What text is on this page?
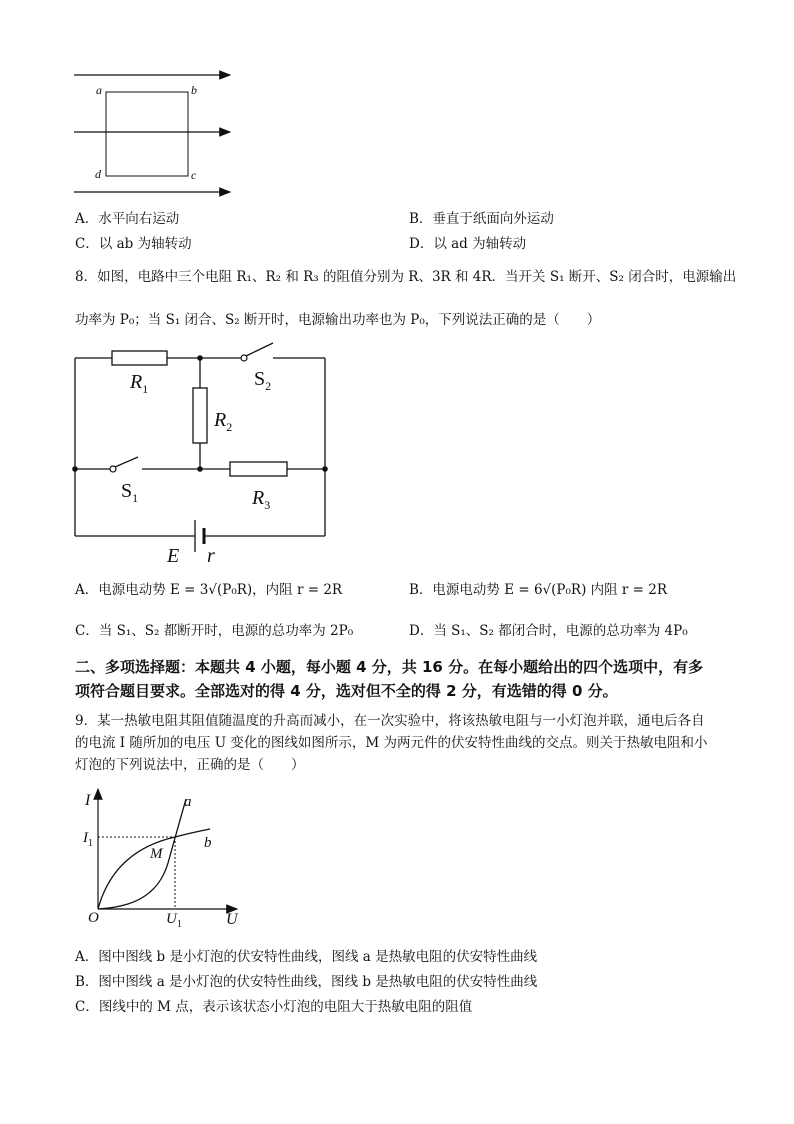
a	b
d	c
A．水平向右运动	B．垂直于纸面向外运动
C．以 ab 为轴转动	D．以 ad 为轴转动
8．如图，电路中三个电阻 R₁、R₂ 和 R₃ 的阻值分别为 R、3R 和 4R．当开关 S₁ 断开、S₂ 闭合时，电源输出
功率为 P₀；当 S₁ 闭合、S₂ 断开时，电源输出功率也为 P₀，下列说法正确的是（　　）
$R_1$	$S_2$
$R_2$
$S_1$	$R_3$
E r
A．电源电动势 E = 3√(P₀R)，内阻 r = 2R	B．电源电动势 E = 6√(P₀R) 内阻 r = 2R
C．当 S₁、S₂ 都断开时，电源的总功率为 2P₀	D．当 S₁、S₂ 都闭合时，电源的总功率为 4P₀
二、多项选择题：本题共 4 小题，每小题 4 分，共 16 分。在每小题给出的四个选项中，有多
项符合题目要求。全部选对的得 4 分，选对但不全的得 2 分，有选错的得 0 分。
9．某一热敏电阻其阻值随温度的升高而减小，在一次实验中，将该热敏电阻与一小灯泡并联，通电后各自
的电流 I 随所加的电压 U 变化的图线如图所示，M 为两元件的伏安特性曲线的交点。则关于热敏电阻和小
灯泡的下列说法中，正确的是（　　）
I	a
$I_1$	b
M
O	$U_1$	U
A．图中图线 b 是小灯泡的伏安特性曲线，图线 a 是热敏电阻的伏安特性曲线
B．图中图线 a 是小灯泡的伏安特性曲线，图线 b 是热敏电阻的伏安特性曲线
C．图线中的 M 点，表示该状态小灯泡的电阻大于热敏电阻的阻值
